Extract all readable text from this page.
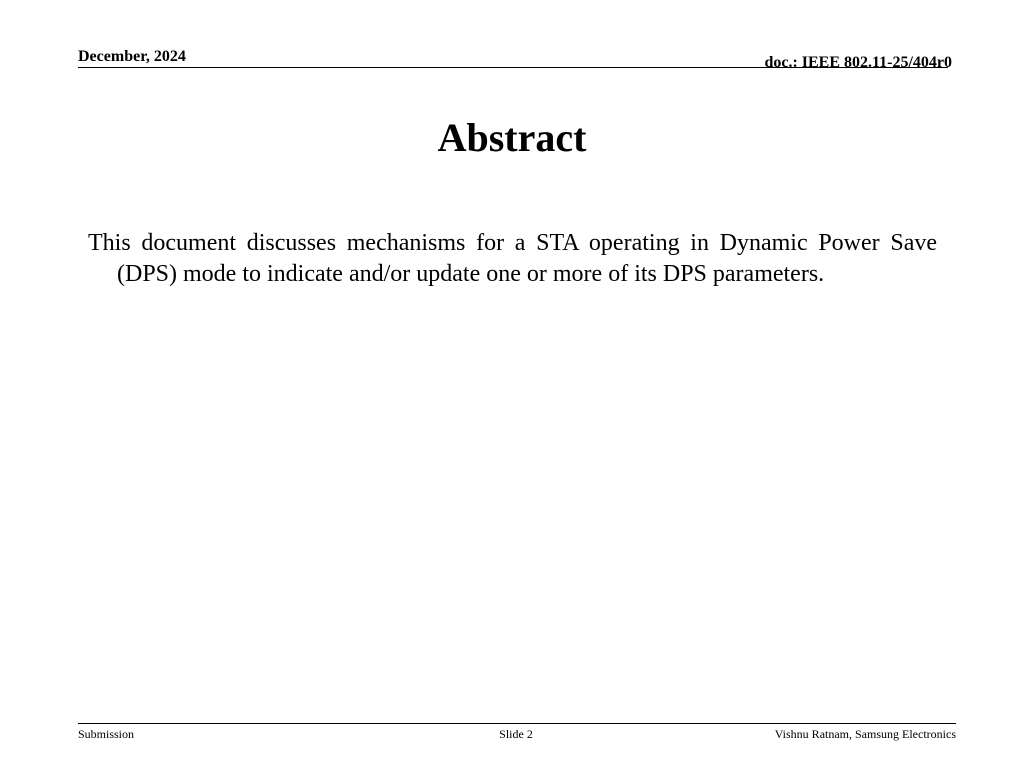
December, 2024	doc.: IEEE 802.11-25/404r0
Abstract
This document discusses mechanisms for a STA operating in Dynamic Power Save (DPS) mode to indicate and/or update one or more of its DPS parameters.
Submission	Slide 2	Vishnu Ratnam, Samsung Electronics
